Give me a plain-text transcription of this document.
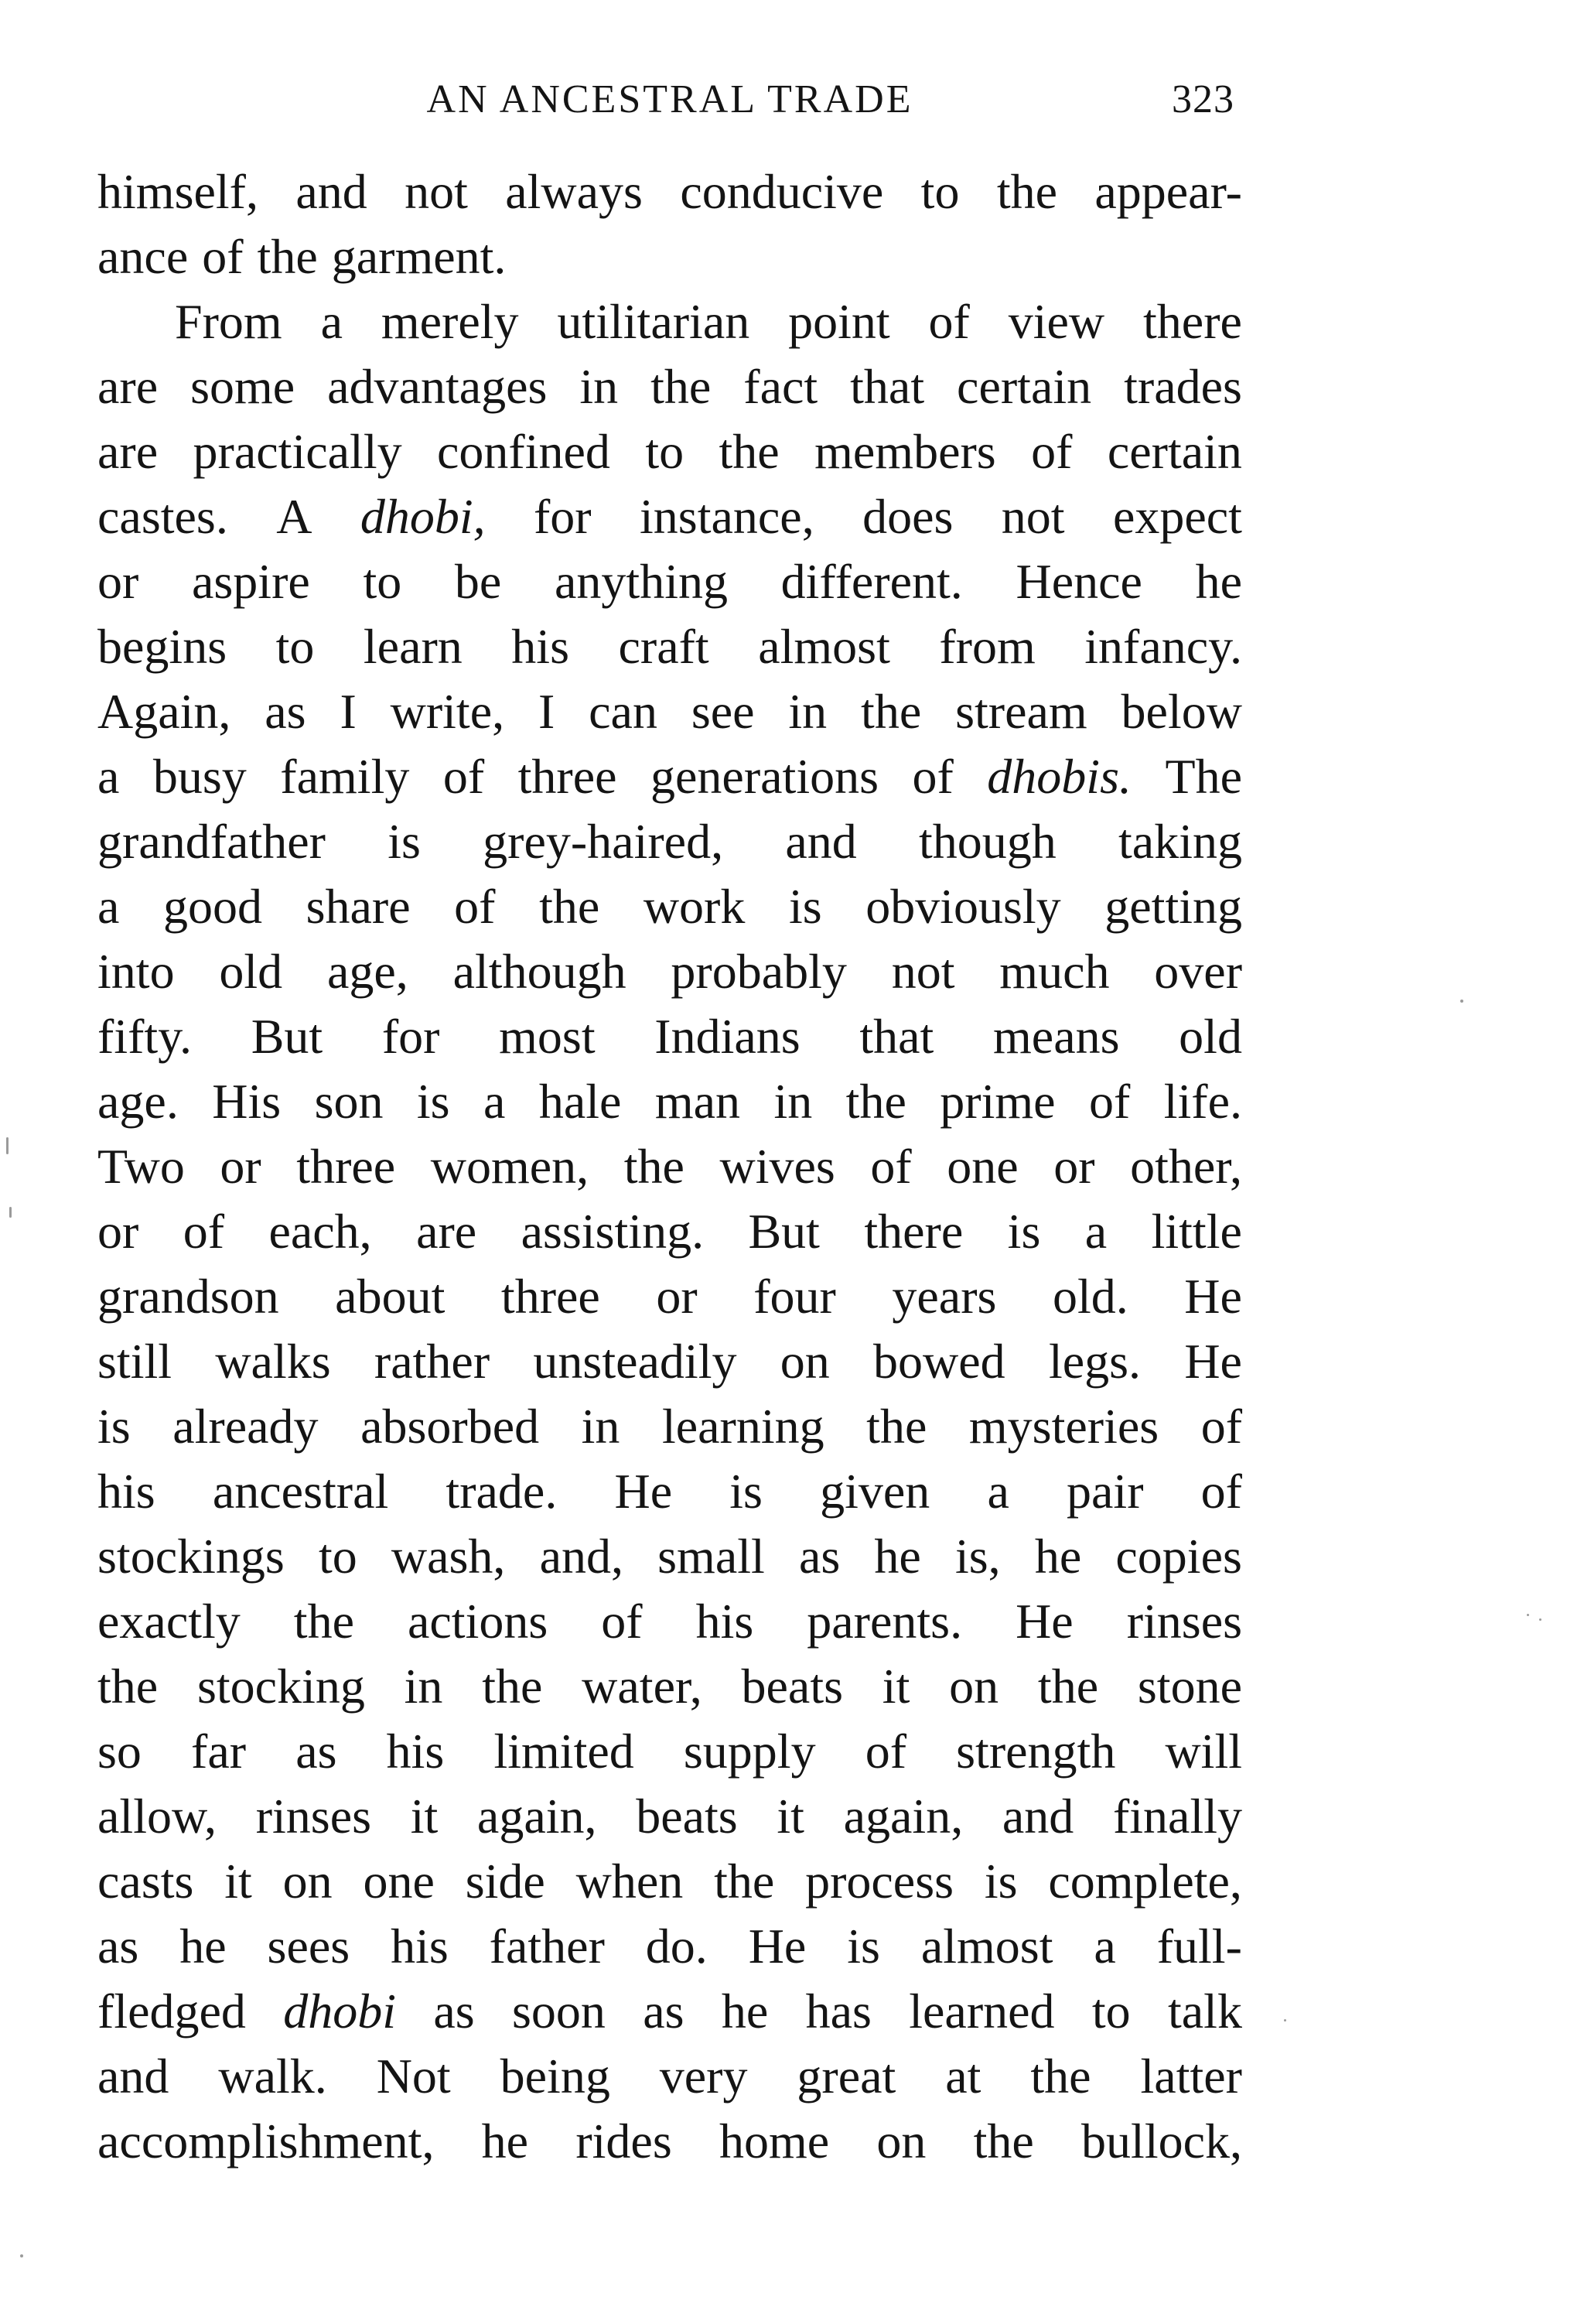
AN ANCESTRAL TRADE	323
himself, and not always conducive to the appear-
ance of the garment.
From a merely utilitarian point of view there
are some advantages in the fact that certain trades
are practically confined to the members of certain
castes. A dhobi, for instance, does not expect
or aspire to be anything different. Hence he
begins to learn his craft almost from infancy.
Again, as I write, I can see in the stream below
a busy family of three generations of dhobis. The
grandfather is grey-haired, and though taking
a good share of the work is obviously getting
into old age, although probably not much over
fifty. But for most Indians that means old
age. His son is a hale man in the prime of life.
Two or three women, the wives of one or other,
or of each, are assisting. But there is a little
grandson about three or four years old. He
still walks rather unsteadily on bowed legs. He
is already absorbed in learning the mysteries of
his ancestral trade. He is given a pair of
stockings to wash, and, small as he is, he copies
exactly the actions of his parents. He rinses
the stocking in the water, beats it on the stone
so far as his limited supply of strength will
allow, rinses it again, beats it again, and finally
casts it on one side when the process is complete,
as he sees his father do. He is almost a full-
fledged dhobi as soon as he has learned to talk
and walk. Not being very great at the latter
accomplishment, he rides home on the bullock,
